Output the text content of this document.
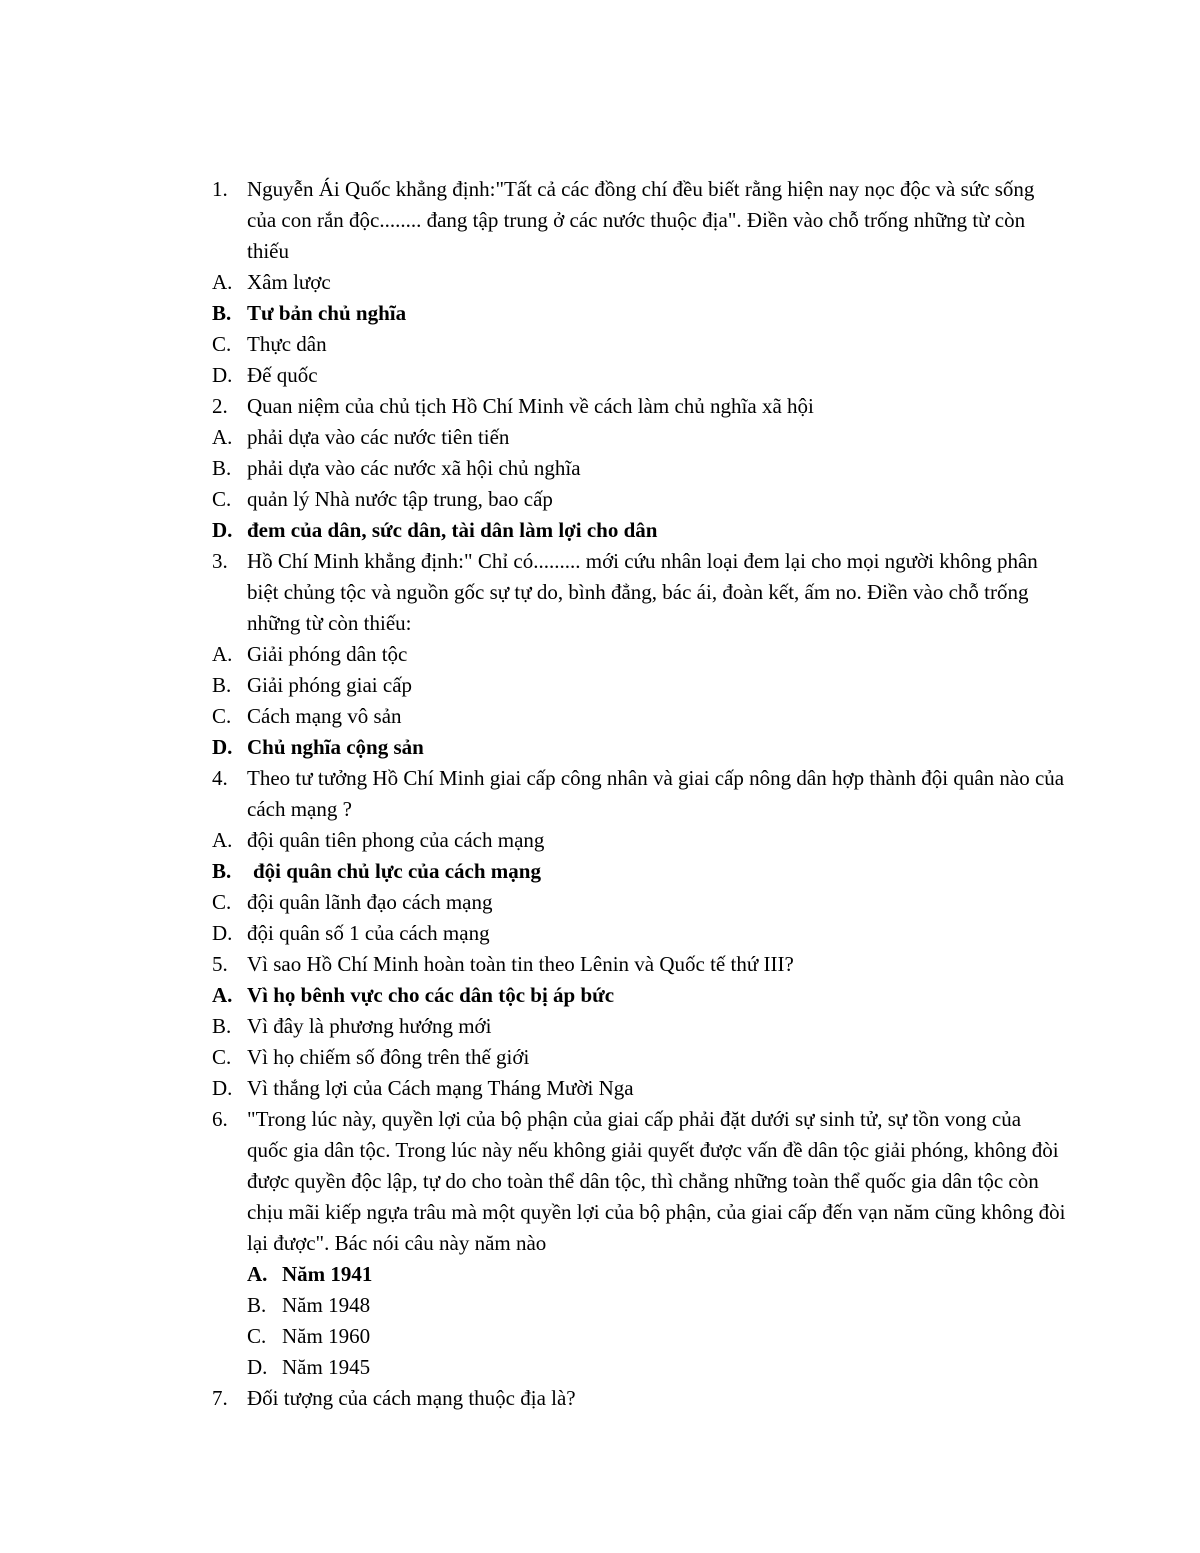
1. Nguyễn Ái Quốc khẳng định:"Tất cả các đồng chí đều biết rằng hiện nay nọc độc và sức sống của con rắn độc........ đang tập trung ở các nước thuộc địa". Điền vào chỗ trống những từ còn thiếu
A. Xâm lược
B. Tư bản chủ nghĩa
C. Thực dân
D. Đế quốc
2. Quan niệm của chủ tịch Hồ Chí Minh về cách làm chủ nghĩa xã hội
A. phải dựa vào các nước tiên tiến
B. phải dựa vào các nước xã hội chủ nghĩa
C. quản lý Nhà nước tập trung, bao cấp
D. đem của dân, sức dân, tài dân làm lợi cho dân
3. Hồ Chí Minh khẳng định:" Chỉ có......... mới cứu nhân loại đem lại cho mọi người không phân biệt chủng tộc và nguồn gốc sự tự do, bình đẳng, bác ái, đoàn kết, ấm no. Điền vào chỗ trống những từ còn thiếu:
A. Giải phóng dân tộc
B. Giải phóng giai cấp
C. Cách mạng vô sản
D. Chủ nghĩa cộng sản
4. Theo tư tưởng Hồ Chí Minh giai cấp công nhân và giai cấp nông dân hợp thành đội quân nào của cách mạng ?
A. đội quân tiên phong của cách mạng
B. đội quân chủ lực của cách mạng
C. đội quân lãnh đạo cách mạng
D. đội quân số 1 của cách mạng
5. Vì sao Hồ Chí Minh hoàn toàn tin theo Lênin và Quốc tế thứ III?
A. Vì họ bênh vực cho các dân tộc bị áp bức
B. Vì đây là phương hướng mới
C. Vì họ chiếm số đông trên thế giới
D. Vì thắng lợi của Cách mạng Tháng Mười Nga
6. "Trong lúc này, quyền lợi của bộ phận của giai cấp phải đặt dưới sự sinh tử, sự tồn vong của quốc gia dân tộc. Trong lúc này nếu không giải quyết được vấn đề dân tộc giải phóng, không đòi được quyền độc lập, tự do cho toàn thể dân tộc, thì chẳng những toàn thể quốc gia dân tộc còn chịu mãi kiếp ngựa trâu mà một quyền lợi của bộ phận, của giai cấp đến vạn năm cũng không đòi lại được". Bác nói câu này năm nào
A. Năm 1941
B. Năm 1948
C. Năm 1960
D. Năm 1945
7. Đối tượng của cách mạng thuộc địa là?
